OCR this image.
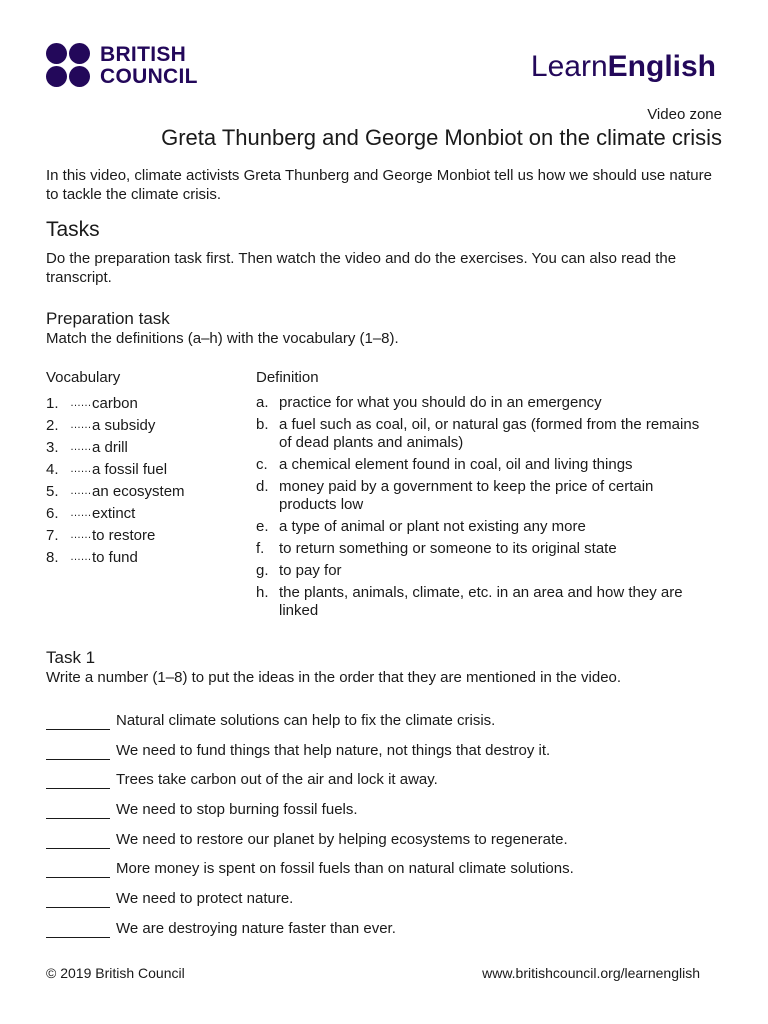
BRITISH
COUNCIL	LearnEnglish
Video zone
Greta Thunberg and George Monbiot on the climate crisis
In this video, climate activists Greta Thunberg and George Monbiot tell us how we should use nature to tackle the climate crisis.
Tasks
Do the preparation task first. Then watch the video and do the exercises. You can also read the transcript.
Preparation task
Match the definitions (a–h) with the vocabulary (1–8).
Vocabulary	Definition
1.	…… carbon
2.	…… a subsidy
3.	…… a drill
4.	…… a fossil fuel
5.	…… an ecosystem
6.	…… extinct
7.	…… to restore
8.	…… to fund
a. practice for what you should do in an emergency
b. a fuel such as coal, oil, or natural gas (formed from the remains of dead plants and animals)
c. a chemical element found in coal, oil and living things
d. money paid by a government to keep the price of certain products low
e. a type of animal or plant not existing any more
f. to return something or someone to its original state
g. to pay for
h. the plants, animals, climate, etc. in an area and how they are linked
Task 1
Write a number (1–8) to put the ideas in the order that they are mentioned in the video.
Natural climate solutions can help to fix the climate crisis.
We need to fund things that help nature, not things that destroy it.
Trees take carbon out of the air and lock it away.
We need to stop burning fossil fuels.
We need to restore our planet by helping ecosystems to regenerate.
More money is spent on fossil fuels than on natural climate solutions.
We need to protect nature.
We are destroying nature faster than ever.
© 2019 British Council	www.britishcouncil.org/learnenglish
